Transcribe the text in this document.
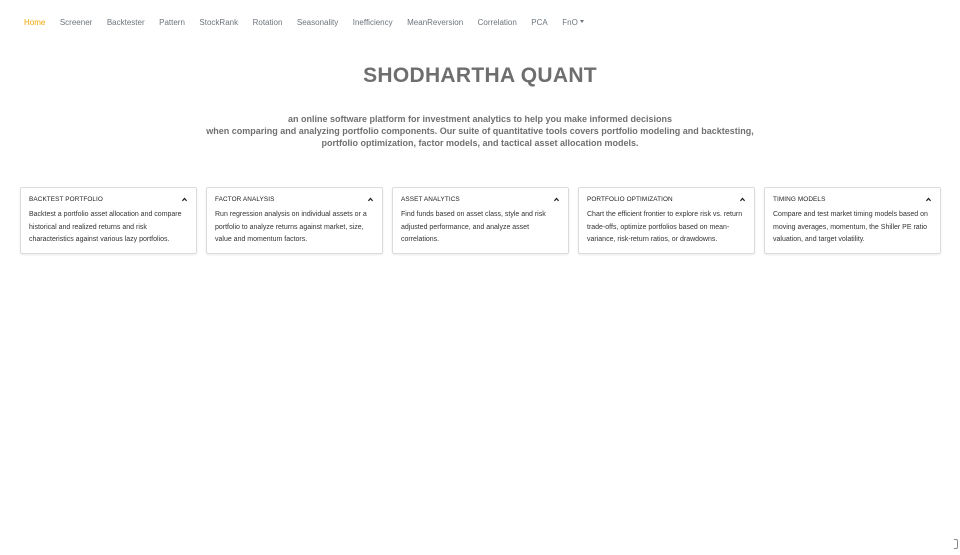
Home Screener Backtester Pattern StockRank Rotation Seasonality Inefficiency MeanReversion Correlation PCA FnO
SHODHARTHA QUANT
an online software platform for investment analytics to help you make informed decisions
when comparing and analyzing portfolio components. Our suite of quantitative tools covers portfolio modeling and backtesting,
portfolio optimization, factor models, and tactical asset allocation models.
BACKTEST PORTFOLIO
Backtest a portfolio asset allocation and compare historical and realized returns and risk characteristics against various lazy portfolios.
FACTOR ANALYSIS
Run regression analysis on individual assets or a portfolio to analyze returns against market, size, value and momentum factors.
ASSET ANALYTICS
Find funds based on asset class, style and risk adjusted performance, and analyze asset correlations.
PORTFOLIO OPTIMIZATION
Chart the efficient frontier to explore risk vs. return trade-offs, optimize portfolios based on mean-variance, risk-return ratios, or drawdowns.
TIMING MODELS
Compare and test market timing models based on moving averages, momentum, the Shiller PE ratio valuation, and target volatility.
